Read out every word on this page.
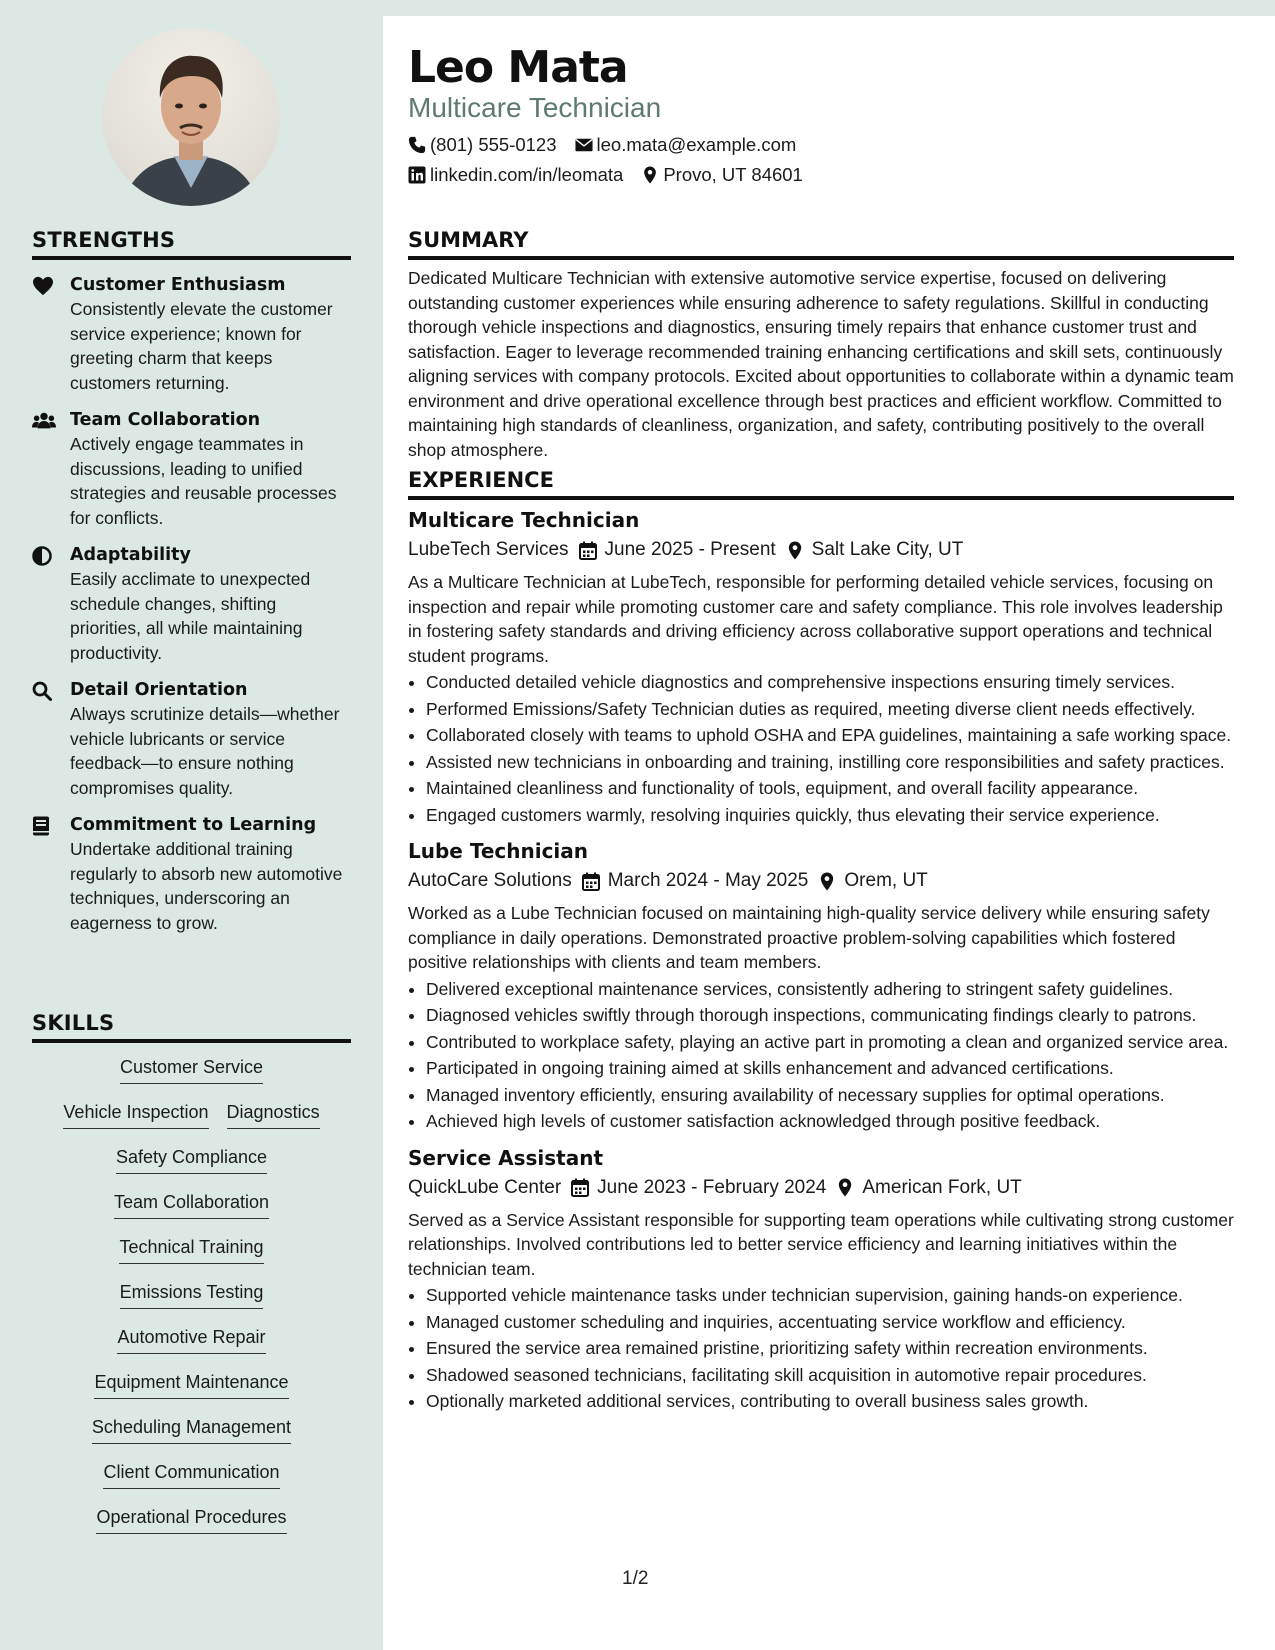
STRENGTHS
Customer Enthusiasm
Consistently elevate the customer service experience; known for greeting charm that keeps customers returning.
Team Collaboration
Actively engage teammates in discussions, leading to unified strategies and reusable processes for conflicts.
Adaptability
Easily acclimate to unexpected schedule changes, shifting priorities, all while maintaining productivity.
Detail Orientation
Always scrutinize details—whether vehicle lubricants or service feedback—to ensure nothing compromises quality.
Commitment to Learning
Undertake additional training regularly to absorb new automotive techniques, underscoring an eagerness to grow.
SKILLS
Customer Service
Vehicle Inspection Diagnostics
Safety Compliance
Team Collaboration
Technical Training
Emissions Testing
Automotive Repair
Equipment Maintenance
Scheduling Management
Client Communication
Operational Procedures
Leo Mata
Multicare Technician
(801) 555-0123 leo.mata@example.com
linkedin.com/in/leomata Provo, UT 84601
SUMMARY
Dedicated Multicare Technician with extensive automotive service expertise, focused on delivering outstanding customer experiences while ensuring adherence to safety regulations. Skillful in conducting thorough vehicle inspections and diagnostics, ensuring timely repairs that enhance customer trust and satisfaction. Eager to leverage recommended training enhancing certifications and skill sets, continuously aligning services with company protocols. Excited about opportunities to collaborate within a dynamic team environment and drive operational excellence through best practices and efficient workflow. Committed to maintaining high standards of cleanliness, organization, and safety, contributing positively to the overall shop atmosphere.
EXPERIENCE
Multicare Technician
LubeTech Services June 2025 - Present Salt Lake City, UT
As a Multicare Technician at LubeTech, responsible for performing detailed vehicle services, focusing on inspection and repair while promoting customer care and safety compliance. This role involves leadership in fostering safety standards and driving efficiency across collaborative support operations and technical student programs.
• Conducted detailed vehicle diagnostics and comprehensive inspections ensuring timely services.
• Performed Emissions/Safety Technician duties as required, meeting diverse client needs effectively.
• Collaborated closely with teams to uphold OSHA and EPA guidelines, maintaining a safe working space.
• Assisted new technicians in onboarding and training, instilling core responsibilities and safety practices.
• Maintained cleanliness and functionality of tools, equipment, and overall facility appearance.
• Engaged customers warmly, resolving inquiries quickly, thus elevating their service experience.
Lube Technician
AutoCare Solutions March 2024 - May 2025 Orem, UT
Worked as a Lube Technician focused on maintaining high-quality service delivery while ensuring safety compliance in daily operations. Demonstrated proactive problem-solving capabilities which fostered positive relationships with clients and team members.
• Delivered exceptional maintenance services, consistently adhering to stringent safety guidelines.
• Diagnosed vehicles swiftly through thorough inspections, communicating findings clearly to patrons.
• Contributed to workplace safety, playing an active part in promoting a clean and organized service area.
• Participated in ongoing training aimed at skills enhancement and advanced certifications.
• Managed inventory efficiently, ensuring availability of necessary supplies for optimal operations.
• Achieved high levels of customer satisfaction acknowledged through positive feedback.
Service Assistant
QuickLube Center June 2023 - February 2024 American Fork, UT
Served as a Service Assistant responsible for supporting team operations while cultivating strong customer relationships. Involved contributions led to better service efficiency and learning initiatives within the technician team.
• Supported vehicle maintenance tasks under technician supervision, gaining hands-on experience.
• Managed customer scheduling and inquiries, accentuating service workflow and efficiency.
• Ensured the service area remained pristine, prioritizing safety within recreation environments.
• Shadowed seasoned technicians, facilitating skill acquisition in automotive repair procedures.
• Optionally marketed additional services, contributing to overall business sales growth.
1/2
